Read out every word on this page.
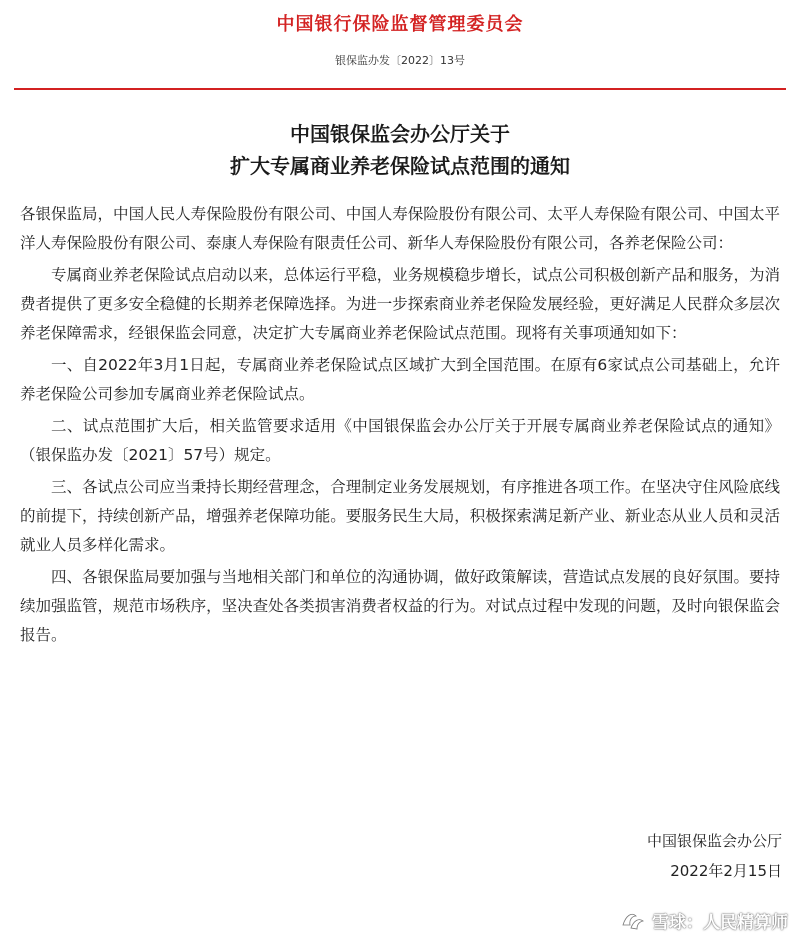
中国银行保险监督管理委员会
银保监办发〔2022〕13号
中国银保监会办公厅关于
扩大专属商业养老保险试点范围的通知

各银保监局，中国人民人寿保险股份有限公司、中国人寿保险股份有限公司、太平人寿保险有限公司、中国太平洋人寿保险股份有限公司、泰康人寿保险有限责任公司、新华人寿保险股份有限公司，各养老保险公司：

专属商业养老保险试点启动以来，总体运行平稳，业务规模稳步增长，试点公司积极创新产品和服务，为消费者提供了更多安全稳健的长期养老保障选择。为进一步探索商业养老保险发展经验，更好满足人民群众多层次养老保障需求，经银保监会同意，决定扩大专属商业养老保险试点范围。现将有关事项通知如下：

一、自2022年3月1日起，专属商业养老保险试点区域扩大到全国范围。在原有6家试点公司基础上，允许养老保险公司参加专属商业养老保险试点。

二、试点范围扩大后，相关监管要求适用《中国银保监会办公厅关于开展专属商业养老保险试点的通知》（银保监办发〔2021〕57号）规定。

三、各试点公司应当秉持长期经营理念，合理制定业务发展规划，有序推进各项工作。在坚决守住风险底线的前提下，持续创新产品，增强养老保障功能。要服务民生大局，积极探索满足新产业、新业态从业人员和灵活就业人员多样化需求。

四、各银保监局要加强与当地相关部门和单位的沟通协调，做好政策解读，营造试点发展的良好氛围。要持续加强监管，规范市场秩序，坚决查处各类损害消费者权益的行为。对试点过程中发现的问题，及时向银保监会报告。

中国银保监会办公厅
2022年2月15日
雪球：人民精算师
